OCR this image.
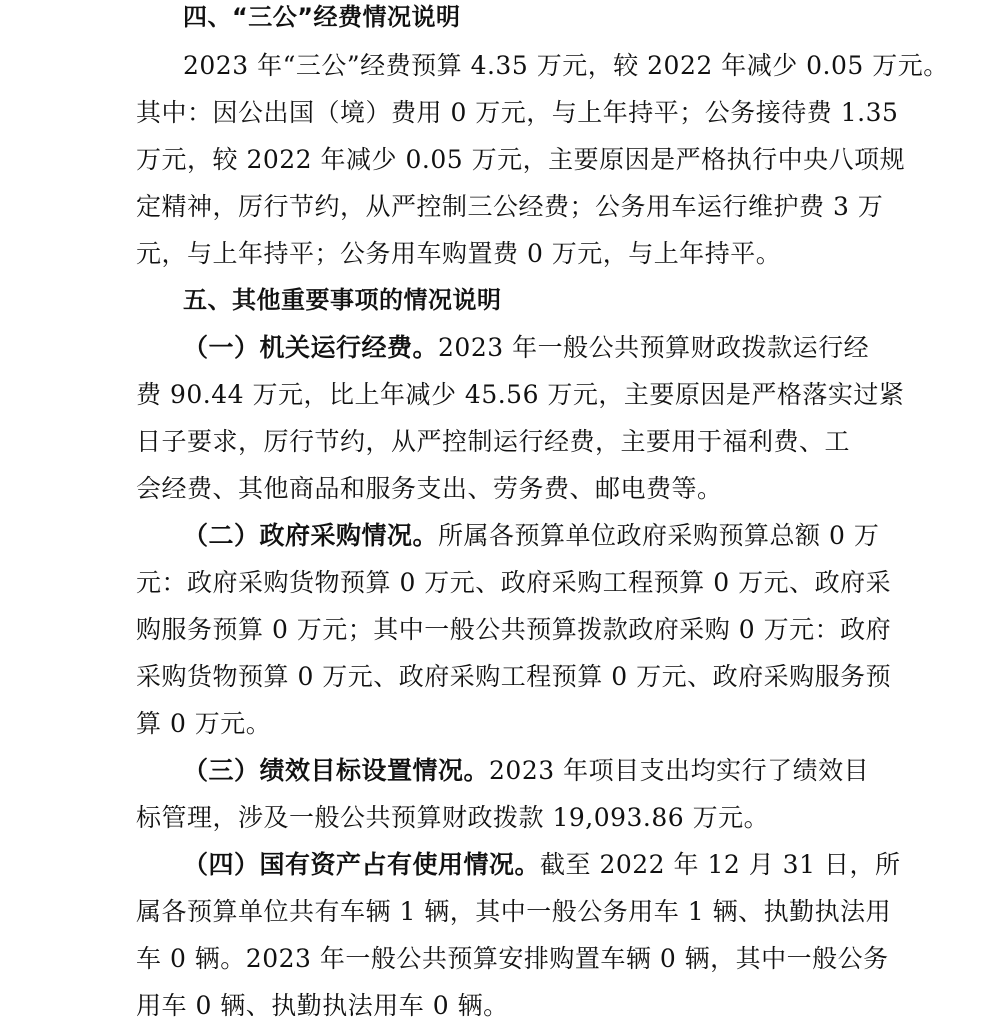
四、“三公”经费情况说明
2023 年“三公”经费预算 4.35 万元，较 2022 年减少 0.05 万元。
其中：因公出国（境）费用 0 万元，与上年持平；公务接待费 1.35
万元，较 2022 年减少 0.05 万元，主要原因是严格执行中央八项规
定精神，厉行节约，从严控制三公经费；公务用车运行维护费 3 万
元，与上年持平；公务用车购置费 0 万元，与上年持平。
五、其他重要事项的情况说明
（一）机关运行经费。2023 年一般公共预算财政拨款运行经
费 90.44 万元，比上年减少 45.56 万元，主要原因是严格落实过紧
日子要求，厉行节约，从严控制运行经费，主要用于福利费、工
会经费、其他商品和服务支出、劳务费、邮电费等。
（二）政府采购情况。所属各预算单位政府采购预算总额 0 万
元：政府采购货物预算 0 万元、政府采购工程预算 0 万元、政府采
购服务预算 0 万元；其中一般公共预算拨款政府采购 0 万元：政府
采购货物预算 0 万元、政府采购工程预算 0 万元、政府采购服务预
算 0 万元。
（三）绩效目标设置情况。2023 年项目支出均实行了绩效目
标管理，涉及一般公共预算财政拨款 19,093.86 万元。
（四）国有资产占有使用情况。截至 2022 年 12 月 31 日，所
属各预算单位共有车辆 1 辆，其中一般公务用车 1 辆、执勤执法用
车 0 辆。2023 年一般公共预算安排购置车辆 0 辆，其中一般公务
用车 0 辆、执勤执法用车 0 辆。
